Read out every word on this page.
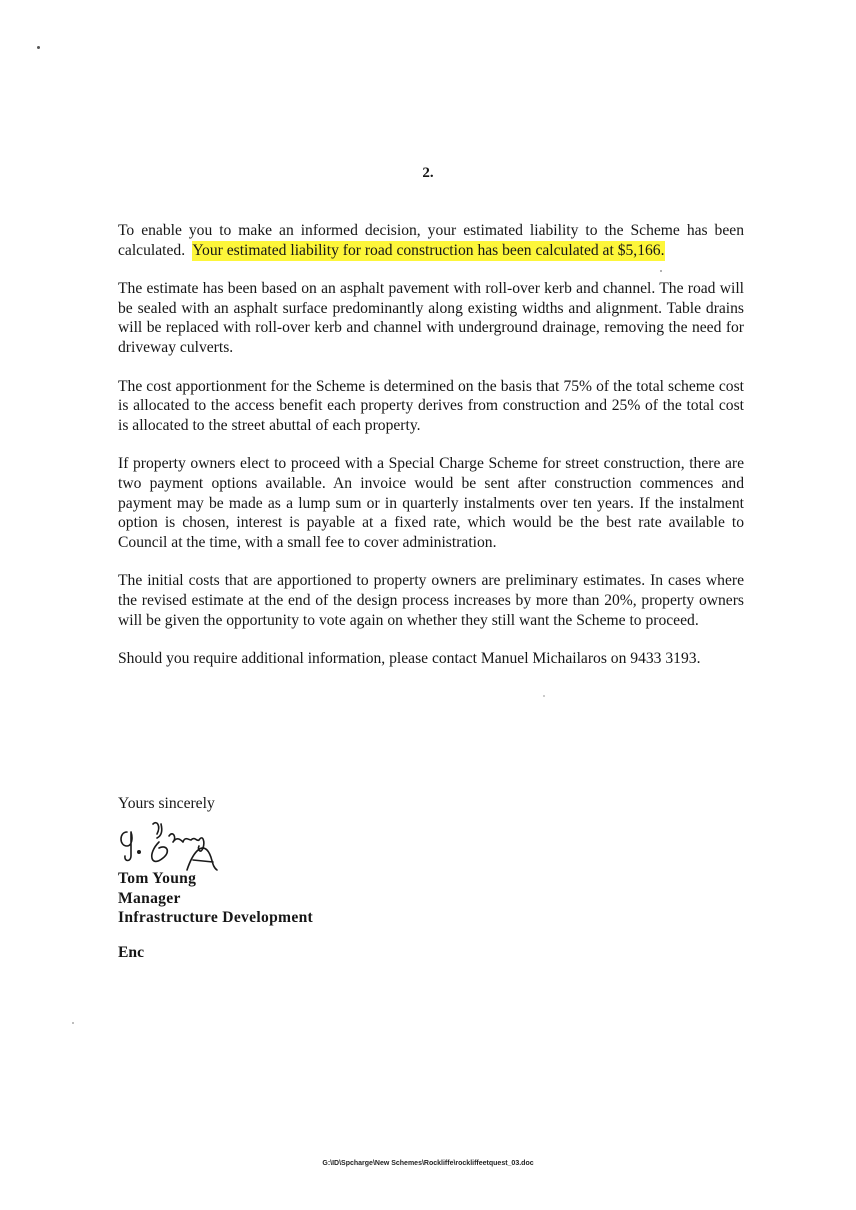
2.

To enable you to make an informed decision, your estimated liability to the Scheme has been calculated. Your estimated liability for road construction has been calculated at $5,166.

The estimate has been based on an asphalt pavement with roll-over kerb and channel. The road will be sealed with an asphalt surface predominantly along existing widths and alignment. Table drains will be replaced with roll-over kerb and channel with underground drainage, removing the need for driveway culverts.

The cost apportionment for the Scheme is determined on the basis that 75% of the total scheme cost is allocated to the access benefit each property derives from construction and 25% of the total cost is allocated to the street abuttal of each property.

If property owners elect to proceed with a Special Charge Scheme for street construction, there are two payment options available. An invoice would be sent after construction commences and payment may be made as a lump sum or in quarterly instalments over ten years. If the instalment option is chosen, interest is payable at a fixed rate, which would be the best rate available to Council at the time, with a small fee to cover administration.

The initial costs that are apportioned to property owners are preliminary estimates. In cases where the revised estimate at the end of the design process increases by more than 20%, property owners will be given the opportunity to vote again on whether they still want the Scheme to proceed.

Should you require additional information, please contact Manuel Michailaros on 9433 3193.

Yours sincerely
Tom Young
Manager
Infrastructure Development
Enc
G:\ID\Spcharge\New Schemes\Rockliffe\rockliffeetquest_03.doc
